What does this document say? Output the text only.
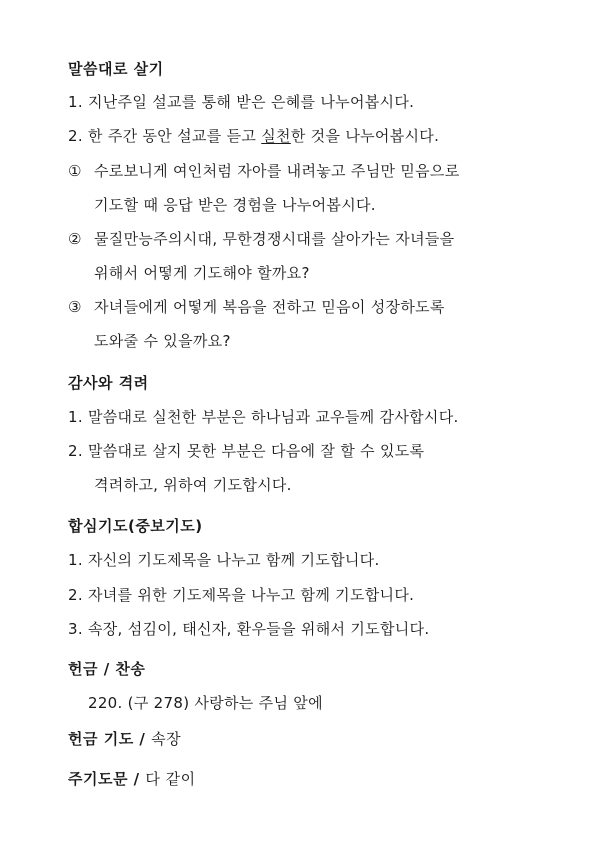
말씀대로 살기
1. 지난주일 설교를 통해 받은 은혜를 나누어봅시다.
2. 한 주간 동안 설교를 듣고 실천한 것을 나누어봅시다.
① 수로보니게 여인처럼 자아를 내려놓고 주님만 믿음으로
기도할 때 응답 받은 경험을 나누어봅시다.
② 물질만능주의시대, 무한경쟁시대를 살아가는 자녀들을
위해서 어떻게 기도해야 할까요?
③ 자녀들에게 어떻게 복음을 전하고 믿음이 성장하도록
도와줄 수 있을까요?
감사와 격려
1. 말씀대로 실천한 부분은 하나님과 교우들께 감사합시다.
2. 말씀대로 살지 못한 부분은 다음에 잘 할 수 있도록
격려하고, 위하여 기도합시다.
합심기도(중보기도)
1. 자신의 기도제목을 나누고 함께 기도합니다.
2. 자녀를 위한 기도제목을 나누고 함께 기도합니다.
3. 속장, 섬김이, 태신자, 환우들을 위해서 기도합니다.
헌금 / 찬송
220. (구 278) 사랑하는 주님 앞에
헌금 기도 / 속장
주기도문 / 다 같이
